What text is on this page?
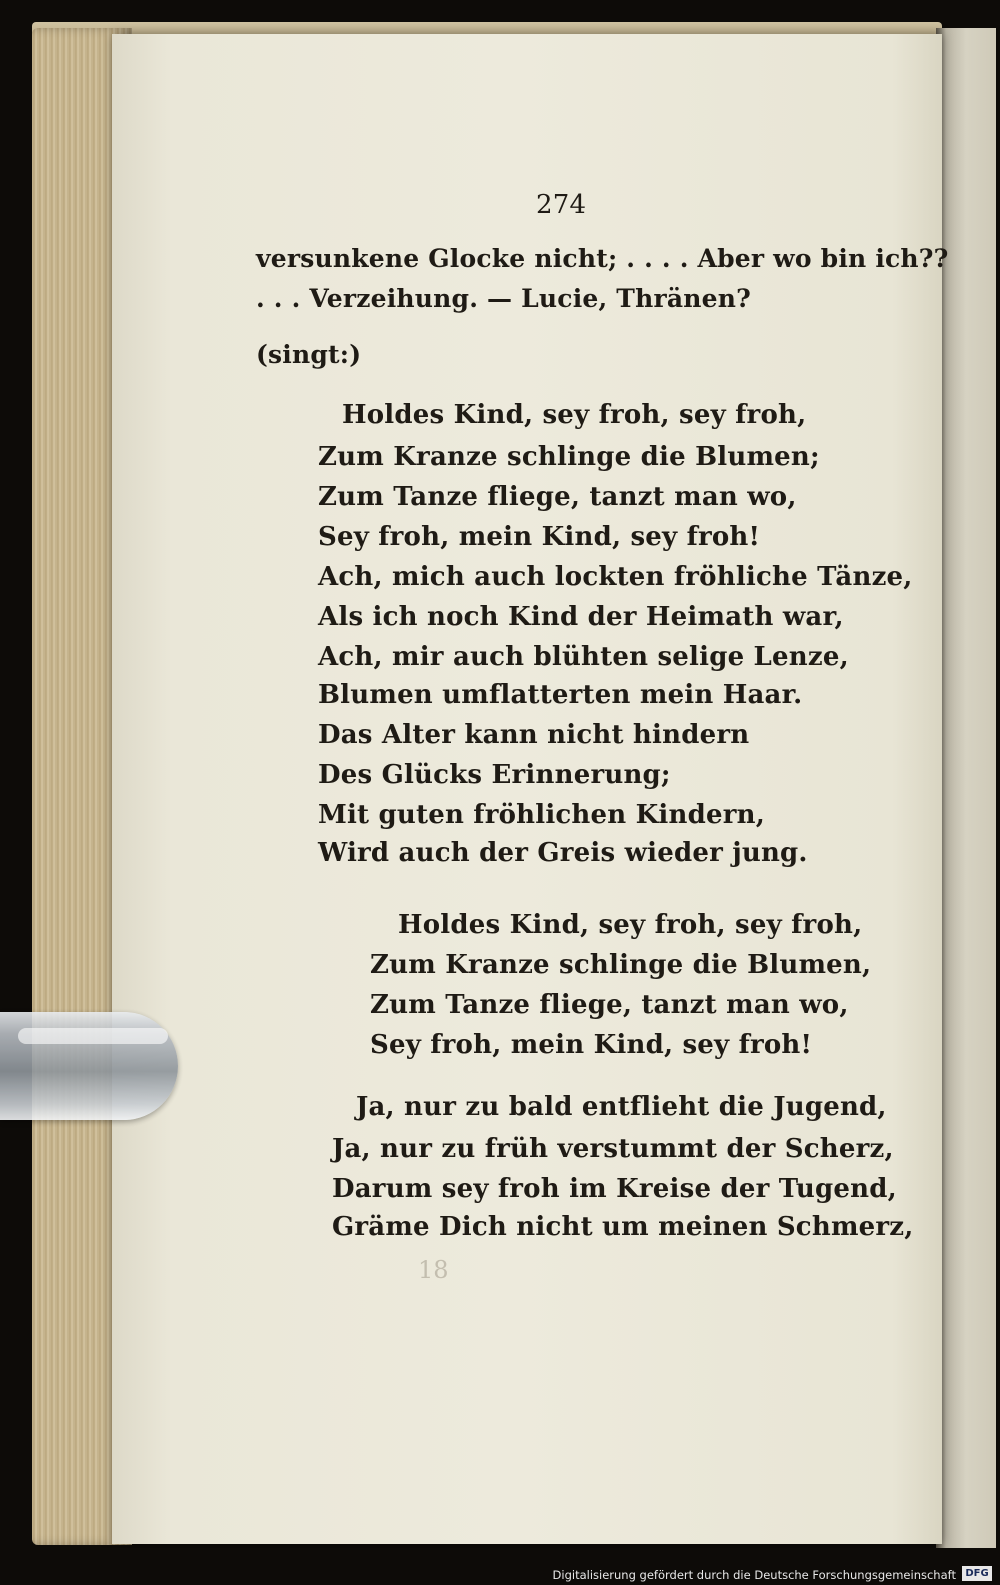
274
versunkene Glocke nicht; . . . . Aber wo bin ich??
. . . Verzeihung. — Lucie, Thränen?
(singt:)
Holdes Kind, sey froh, sey froh,
Zum Kranze schlinge die Blumen;
Zum Tanze fliege, tanzt man wo,
Sey froh, mein Kind, sey froh!
Ach, mich auch lockten fröhliche Tänze,
Als ich noch Kind der Heimath war,
Ach, mir auch blühten selige Lenze,
Blumen umflatterten mein Haar.
Das Alter kann nicht hindern
Des Glücks Erinnerung;
Mit guten fröhlichen Kindern,
Wird auch der Greis wieder jung.
Holdes Kind, sey froh, sey froh,
Zum Kranze schlinge die Blumen,
Zum Tanze fliege, tanzt man wo,
Sey froh, mein Kind, sey froh!
Ja, nur zu bald entflieht die Jugend,
Ja, nur zu früh verstummt der Scherz,
Darum sey froh im Kreise der Tugend,
Gräme Dich nicht um meinen Schmerz,
18
Digitalisierung gefördert durch die Deutsche Forschungsgemeinschaft DFG
